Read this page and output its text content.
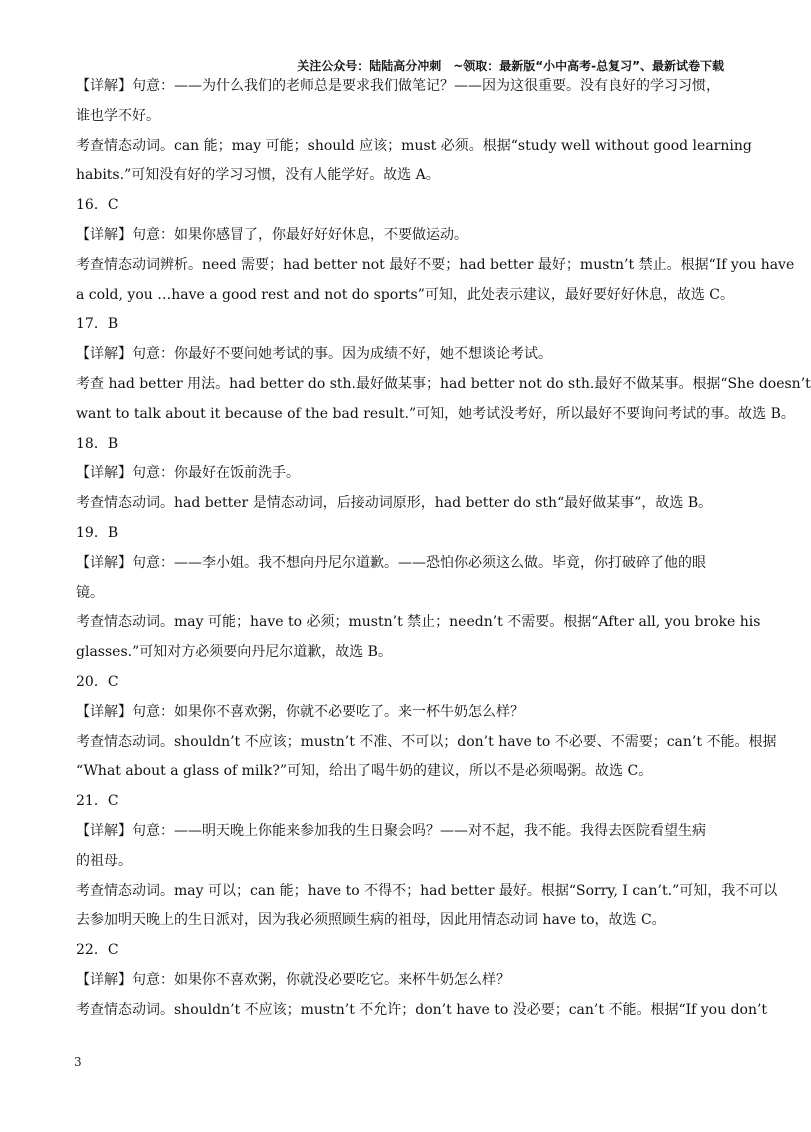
关注公众号：陆陆高分冲刺　~领取：最新版“小中高考-总复习”、最新试卷下载
【详解】句意：——为什么我们的老师总是要求我们做笔记？——因为这很重要。没有良好的学习习惯，
谁也学不好。
考查情态动词。can 能；may 可能；should 应该；must 必须。根据“study well without good learning
habits.”可知没有好的学习习惯，没有人能学好。故选 A。
16．C
【详解】句意：如果你感冒了，你最好好好休息，不要做运动。
考查情态动词辨析。need 需要；had better not 最好不要；had better 最好；mustn’t 禁止。根据“If you have
a cold, you …have a good rest and not do sports”可知，此处表示建议，最好要好好休息，故选 C。
17．B
【详解】句意：你最好不要问她考试的事。因为成绩不好，她不想谈论考试。
考查 had better 用法。had better do sth.最好做某事；had better not do sth.最好不做某事。根据“She doesn’t
want to talk about it because of the bad result.”可知，她考试没考好，所以最好不要询问考试的事。故选 B。
18．B
【详解】句意：你最好在饭前洗手。
考查情态动词。had better 是情态动词，后接动词原形，had better do sth“最好做某事”，故选 B。
19．B
【详解】句意：——李小姐。我不想向丹尼尔道歉。——恐怕你必须这么做。毕竟，你打破碎了他的眼
镜。
考查情态动词。may 可能；have to 必须；mustn’t 禁止；needn’t 不需要。根据“After all, you broke his
glasses.”可知对方必须要向丹尼尔道歉，故选 B。
20．C
【详解】句意：如果你不喜欢粥，你就不必要吃了。来一杯牛奶怎么样？
考查情态动词。shouldn’t 不应该；mustn’t 不准、不可以；don’t have to 不必要、不需要；can’t 不能。根据
“What about a glass of milk?”可知，给出了喝牛奶的建议，所以不是必须喝粥。故选 C。
21．C
【详解】句意：——明天晚上你能来参加我的生日聚会吗？——对不起，我不能。我得去医院看望生病
的祖母。
考查情态动词。may 可以；can 能；have to 不得不；had better 最好。根据“Sorry, I can’t.”可知，我不可以
去参加明天晚上的生日派对，因为我必须照顾生病的祖母，因此用情态动词 have to，故选 C。
22．C
【详解】句意：如果你不喜欢粥，你就没必要吃它。来杯牛奶怎么样？
考查情态动词。shouldn’t 不应该；mustn’t 不允许；don’t have to 没必要；can’t 不能。根据“If you don’t
3
